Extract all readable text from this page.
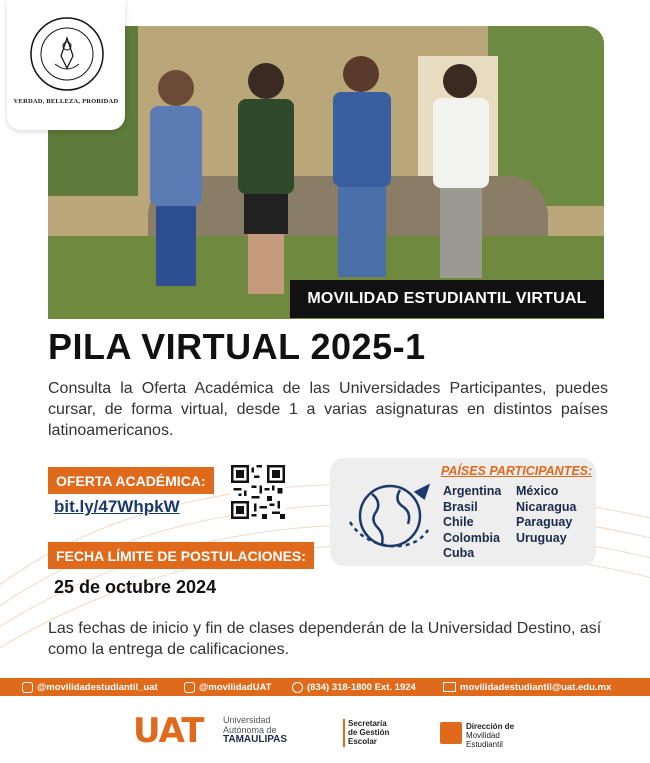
VERDAD, BELLEZA, PROBIDAD
MOVILIDAD ESTUDIANTIL VIRTUAL
PILA VIRTUAL 2025-1
Consulta la Oferta Académica de las Universidades Participantes, puedes cursar, de forma virtual, desde 1 a varias asignaturas en distintos países latinoamericanos.
OFERTA ACADÉMICA:
bit.ly/47WhpkW
FECHA LÍMITE DE POSTULACIONES:
25 de octubre 2024
PAÍSES PARTICIPANTES:
Argentina
Brasil
Chile
Colombia
Cuba
México
Nicaragua
Paraguay
Uruguay
Las fechas de inicio y fin de clases dependerán de la Universidad Destino, así como la entrega de calificaciones.
@movilidadestudiantil_uat	@movilidadUAT	(834) 318-1800 Ext. 1924	movilidadestudiantil@uat.edu.mx
UAT Universidad
Autónoma de
TAMAULIPAS
Secretaría
de Gestión
Escolar
Dirección de
Movilidad
Estudiantil
